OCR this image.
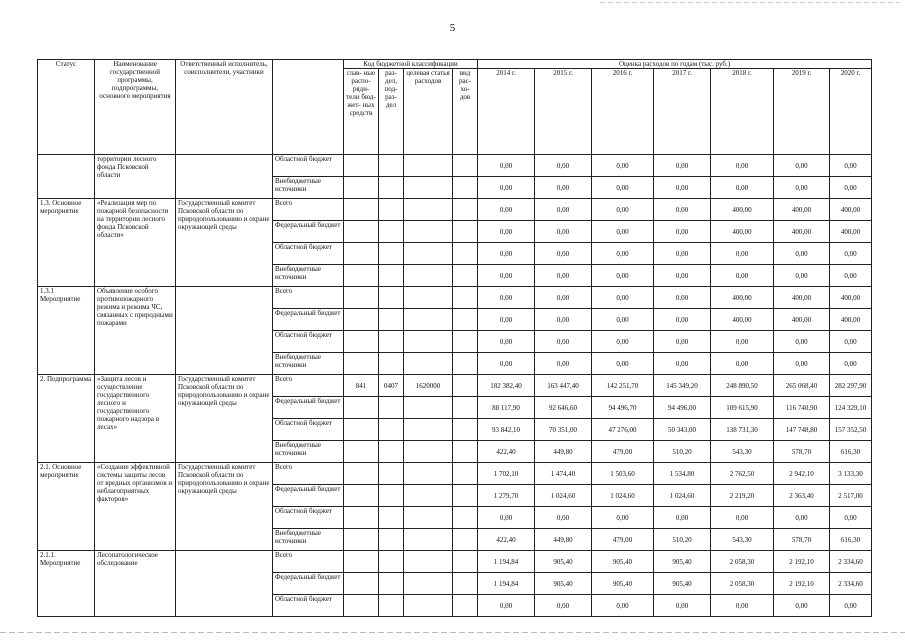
5
Статус	Наименование государственной программы, подпрограммы, основного мероприятия	Ответственный исполнитель, соисполнители, участники		Код бюджетной классификации				Оценка расходов по годам (тыс. руб.)						
				глав- ные распо- ряди- тели бюд- жет- ных средств	раз- дел, под- раз- дел	целевая статья расходов	вид рас- хо- дов	2014 г.	2015 г.	2016 г.	2017 г.	2018 г.	2019 г.	2020 г.
	территории лесного фонда Псковской области		Областной бюджет					0,00	0,00	0,00	0,00	0,00	0,00	0,00
			Внебюджетные источники					0,00	0,00	0,00	0,00	0,00	0,00	0,00
1.3. Основное мероприятие	«Реализация мер по пожарной безопасности на территории лесного фонда Псковской области»	Государственный комитет Псковской области по природопользованию и охране окружающей среды	Всего					0,00	0,00	0,00	0,00	400,00	400,00	400,00
			Федеральный бюджет					0,00	0,00	0,00	0,00	400,00	400,00	400,00
			Областной бюджет					0,00	0,00	0,00	0,00	0,00	0,00	0,00
			Внебюджетные источники					0,00	0,00	0,00	0,00	0,00	0,00	0,00
1.3.1 Мероприятие	Объявление особого противопожарного режима и режима ЧС, связанных с природными пожарами		Всего					0,00	0,00	0,00	0,00	400,00	400,00	400,00
			Федеральный бюджет					0,00	0,00	0,00	0,00	400,00	400,00	400,00
			Областной бюджет					0,00	0,00	0,00	0,00	0,00	0,00	0,00
			Внебюджетные источники					0,00	0,00	0,00	0,00	0,00	0,00	0,00
2. Подпрограмма	«Защита лесов и осуществление государственного лесного и государственного пожарного надзора в лесах»	Государственный комитет Псковской области по природопользованию и охране окружающей среды	Всего	841	0407	1620000		182 382,40	163 447,40	142 251,70	145 349,20	248 890,50	265 068,40	282 297,90
			Федеральный бюджет					88 117,90	92 646,60	94 496,70	94 496,00	109 615,90	116 740,90	124 329,10
			Областной бюджет					93 842,10	70 351,00	47 276,00	50 343,00	138 731,30	147 748,80	157 352,50
			Внебюджетные источники					422,40	449,80	479,00	510,20	543,30	578,70	616,30
2.1. Основное мероприятие	«Создание эффективной системы защиты лесов от вредных организмов и неблагоприятных факторов»	Государственный комитет Псковской области по природопользованию и охране окружающей среды	Всего					1 702,10	1 474,40	1 503,60	1 534,80	2 762,50	2 942,10	3 133,30
			Федеральный бюджет					1 279,70	1 024,60	1 024,60	1 024,60	2 219,20	2 363,40	2 517,00
			Областной бюджет					0,00	0,00	0,00	0,00	0,00	0,00	0,00
			Внебюджетные источники					422,40	449,80	479,00	510,20	543,30	578,70	616,30
2.1.1. Мероприятие	Лесопатологическое обследование		Всего					1 194,84	905,40	905,40	905,40	2 058,30	2 192,10	2 334,60
			Федеральный бюджет					1 194,84	905,40	905,40	905,40	2 058,30	2 192,10	2 334,60
			Областной бюджет					0,00	0,00	0,00	0,00	0,00	0,00	0,00
